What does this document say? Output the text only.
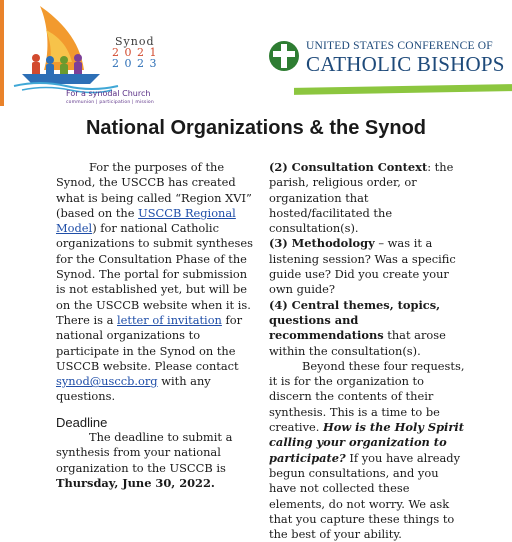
Synod
2 0 2 1
2 0 2 3
For a synodal Church
communion | participation | mission
UNITED STATES CONFERENCE OF
CATHOLIC BISHOPS
National Organizations & the Synod

For the purposes of the Synod, the USCCB has created what is being called “Region XVI” (based on the USCCB Regional Model) for national Catholic organizations to submit syntheses for the Consultation Phase of the Synod. The portal for submission is not established yet, but will be on the USCCB website when it is. There is a letter of invitation for national organizations to participate in the Synod on the USCCB website. Please contact synod@usccb.org with any questions.

Deadline

The deadline to submit a synthesis from your national organization to the USCCB is Thursday, June 30, 2022.

(2) Consultation Context: the parish, religious order, or organization that hosted/facilitated the consultation(s).

(3) Methodology – was it a listening session? Was a specific guide use? Did you create your own guide?

(4) Central themes, topics, questions and recommendations that arose within the consultation(s).

Beyond these four requests, it is for the organization to discern the contents of their synthesis. This is a time to be creative. How is the Holy Spirit calling your organization to participate? If you have already begun consultations, and you have not collected these elements, do not worry. We ask that you capture these things to the best of your ability.
